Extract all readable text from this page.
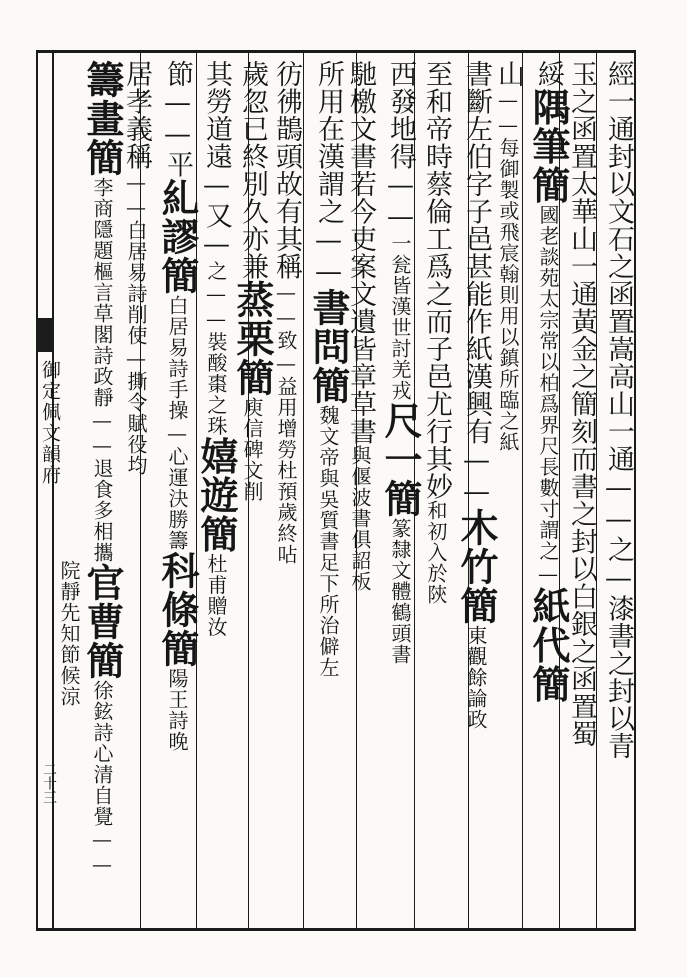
御定佩文韻府
二十三
經一通封以文石之函置嵩高山一通——之—漆書之封以青
玉之函置太華山一通黃金之簡刻而書之封以白銀之函置蜀
綏隅筆簡國老談苑太宗常以柏爲界尺長數寸謂之—紙代簡
山——每御製或飛宸翰則用以鎮所臨之紙
書斷左伯字子邑甚能作紙漢興有——木竹簡東觀餘論政
至和帝時蔡倫工爲之而子邑尤行其妙和初入於陝
西發地得——一瓮皆漢世討羌戎尺一簡篆隸文體鶴頭書
馳檄文書若今吏案文遺皆章草書與偃波書俱詔板
所用在漢謂之——書問簡魏文帝與吳質書足下所治僻左
彷彿鵲頭故有其稱——致—益用增勞杜預歲終呫
歲忽已終別久亦兼蒸栗簡庾信碑文削
其勞道遠—又—之——裝酸棗之珠嬉遊簡杜甫贈汝
節——平糺謬簡白居易詩手操—心運決勝籌科條簡陽王詩晚
居孝義稱——白居易詩削使—撕令賦役均
籌畫簡李商隱題樞言草閣詩政靜——退食多相攜官曹簡徐鉉詩心清自覺——
院靜先知節候涼
